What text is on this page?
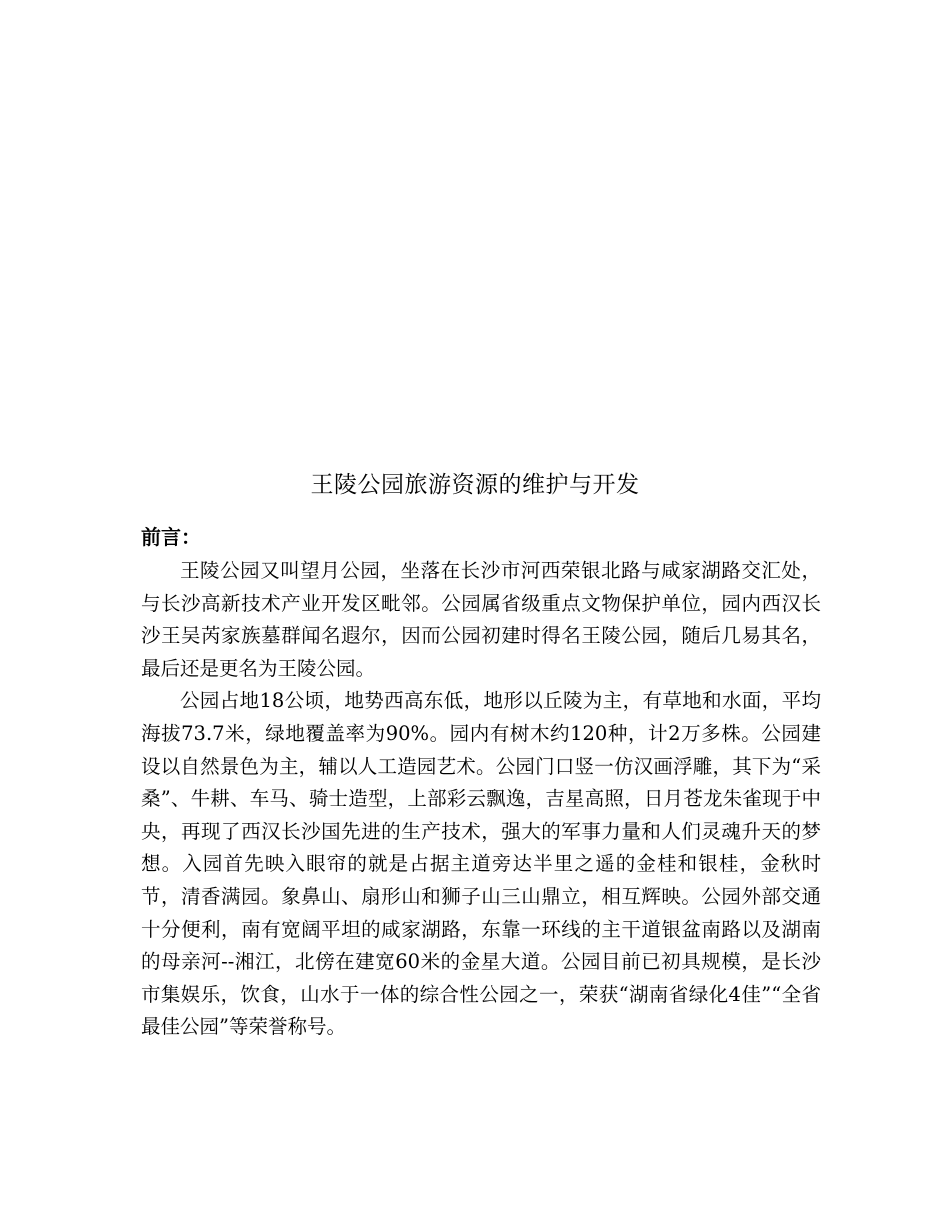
王陵公园旅游资源的维护与开发
前言：

王陵公园又叫望月公园，坐落在长沙市河西荣银北路与咸家湖路交汇处，与长沙高新技术产业开发区毗邻。公园属省级重点文物保护单位，园内西汉长沙王吴芮家族墓群闻名遐尔，因而公园初建时得名王陵公园，随后几易其名，最后还是更名为王陵公园。

公园占地18公顷，地势西高东低，地形以丘陵为主，有草地和水面，平均海拔73.7米，绿地覆盖率为90%。园内有树木约120种，计2万多株。公园建设以自然景色为主，辅以人工造园艺术。公园门口竖一仿汉画浮雕，其下为“采桑”、牛耕、车马、骑士造型，上部彩云飘逸，吉星高照，日月苍龙朱雀现于中央，再现了西汉长沙国先进的生产技术，强大的军事力量和人们灵魂升天的梦想。入园首先映入眼帘的就是占据主道旁达半里之遥的金桂和银桂，金秋时节，清香满园。象鼻山、扇形山和狮子山三山鼎立，相互辉映。公园外部交通十分便利，南有宽阔平坦的咸家湖路，东靠一环线的主干道银盆南路以及湖南的母亲河--湘江，北傍在建宽60米的金星大道。公园目前已初具规模，是长沙市集娱乐，饮食，山水于一体的综合性公园之一，荣获“湖南省绿化4佳”“全省最佳公园”等荣誉称号。
